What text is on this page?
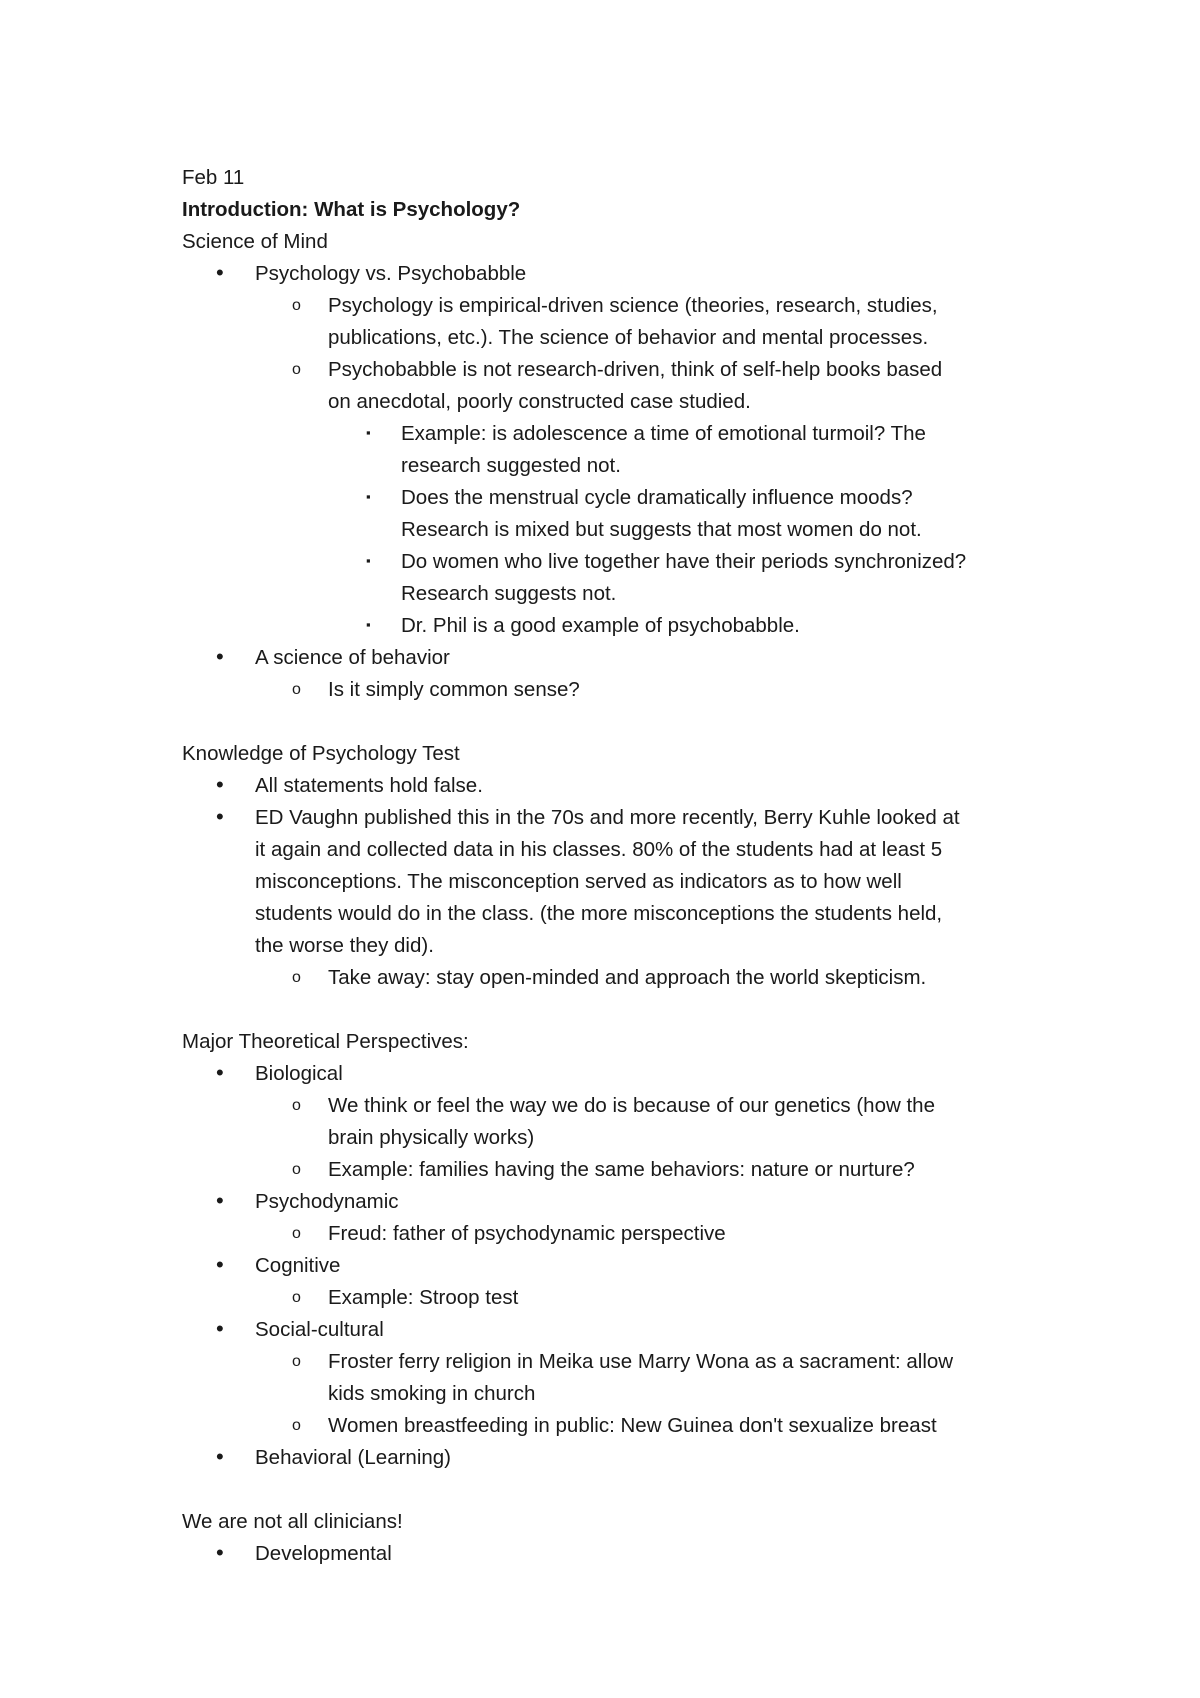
Feb 11
Introduction: What is Psychology?
Science of Mind
• Psychology vs. Psychobabble
o Psychology is empirical-driven science (theories, research, studies,
publications, etc.). The science of behavior and mental processes.
o Psychobabble is not research-driven, think of self-help books based
on anecdotal, poorly constructed case studied.
▪ Example: is adolescence a time of emotional turmoil? The
research suggested not.
▪ Does the menstrual cycle dramatically influence moods?
Research is mixed but suggests that most women do not.
▪ Do women who live together have their periods synchronized?
Research suggests not.
▪ Dr. Phil is a good example of psychobabble.
• A science of behavior
o Is it simply common sense?
Knowledge of Psychology Test
• All statements hold false.
• ED Vaughn published this in the 70s and more recently, Berry Kuhle looked at
it again and collected data in his classes. 80% of the students had at least 5
misconceptions. The misconception served as indicators as to how well
students would do in the class. (the more misconceptions the students held,
the worse they did).
o Take away: stay open-minded and approach the world skepticism.
Major Theoretical Perspectives:
• Biological
o We think or feel the way we do is because of our genetics (how the
brain physically works)
o Example: families having the same behaviors: nature or nurture?
• Psychodynamic
o Freud: father of psychodynamic perspective
• Cognitive
o Example: Stroop test
• Social-cultural
o Froster ferry religion in Meika use Marry Wona as a sacrament: allow
kids smoking in church
o Women breastfeeding in public: New Guinea don't sexualize breast
• Behavioral (Learning)
We are not all clinicians!
• Developmental
